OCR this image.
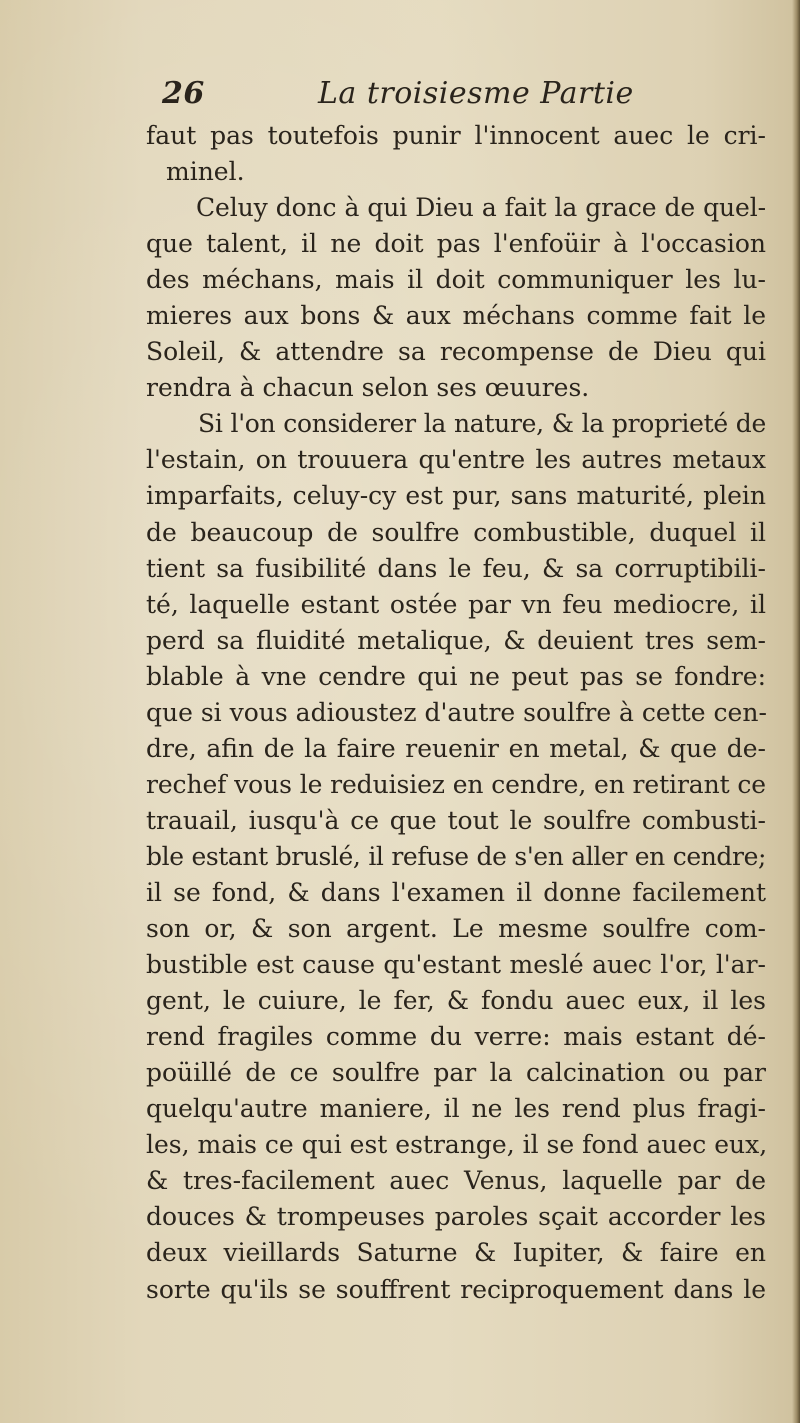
26	La troisiesme Partie
faut pas toutefois punir l'innocent auec le cri-
minel.
Celuy donc à qui Dieu a fait la grace de quel-
que talent, il ne doit pas l'enfoüir à l'occasion
des méchans, mais il doit communiquer les lu-
mieres aux bons & aux méchans comme fait le
Soleil, & attendre sa recompense de Dieu qui
rendra à chacun selon ses œuures.
Si l'on considerer la nature, & la proprieté de
l'estain, on trouuera qu'entre les autres metaux
imparfaits, celuy-cy est pur, sans maturité, plein
de beaucoup de soulfre combustible, duquel il
tient sa fusibilité dans le feu, & sa corruptibili-
té, laquelle estant ostée par vn feu mediocre, il
perd sa fluidité metalique, & deuient tres sem-
blable à vne cendre qui ne peut pas se fondre:
que si vous adioustez d'autre soulfre à cette cen-
dre, afin de la faire reuenir en metal, & que de-
rechef vous le reduisiez en cendre, en retirant ce
trauail, iusqu'à ce que tout le soulfre combusti-
ble estant bruslé, il refuse de s'en aller en cendre;
il se fond, & dans l'examen il donne facilement
son or, & son argent. Le mesme soulfre com-
bustible est cause qu'estant meslé auec l'or, l'ar-
gent, le cuiure, le fer, & fondu auec eux, il les
rend fragiles comme du verre: mais estant dé-
poüillé de ce soulfre par la calcination ou par
quelqu'autre maniere, il ne les rend plus fragi-
les, mais ce qui est estrange, il se fond auec eux,
& tres-facilement auec Venus, laquelle par de
douces & trompeuses paroles sçait accorder les
deux vieillards Saturne & Iupiter, & faire en
sorte qu'ils se souffrent reciproquement dans le
